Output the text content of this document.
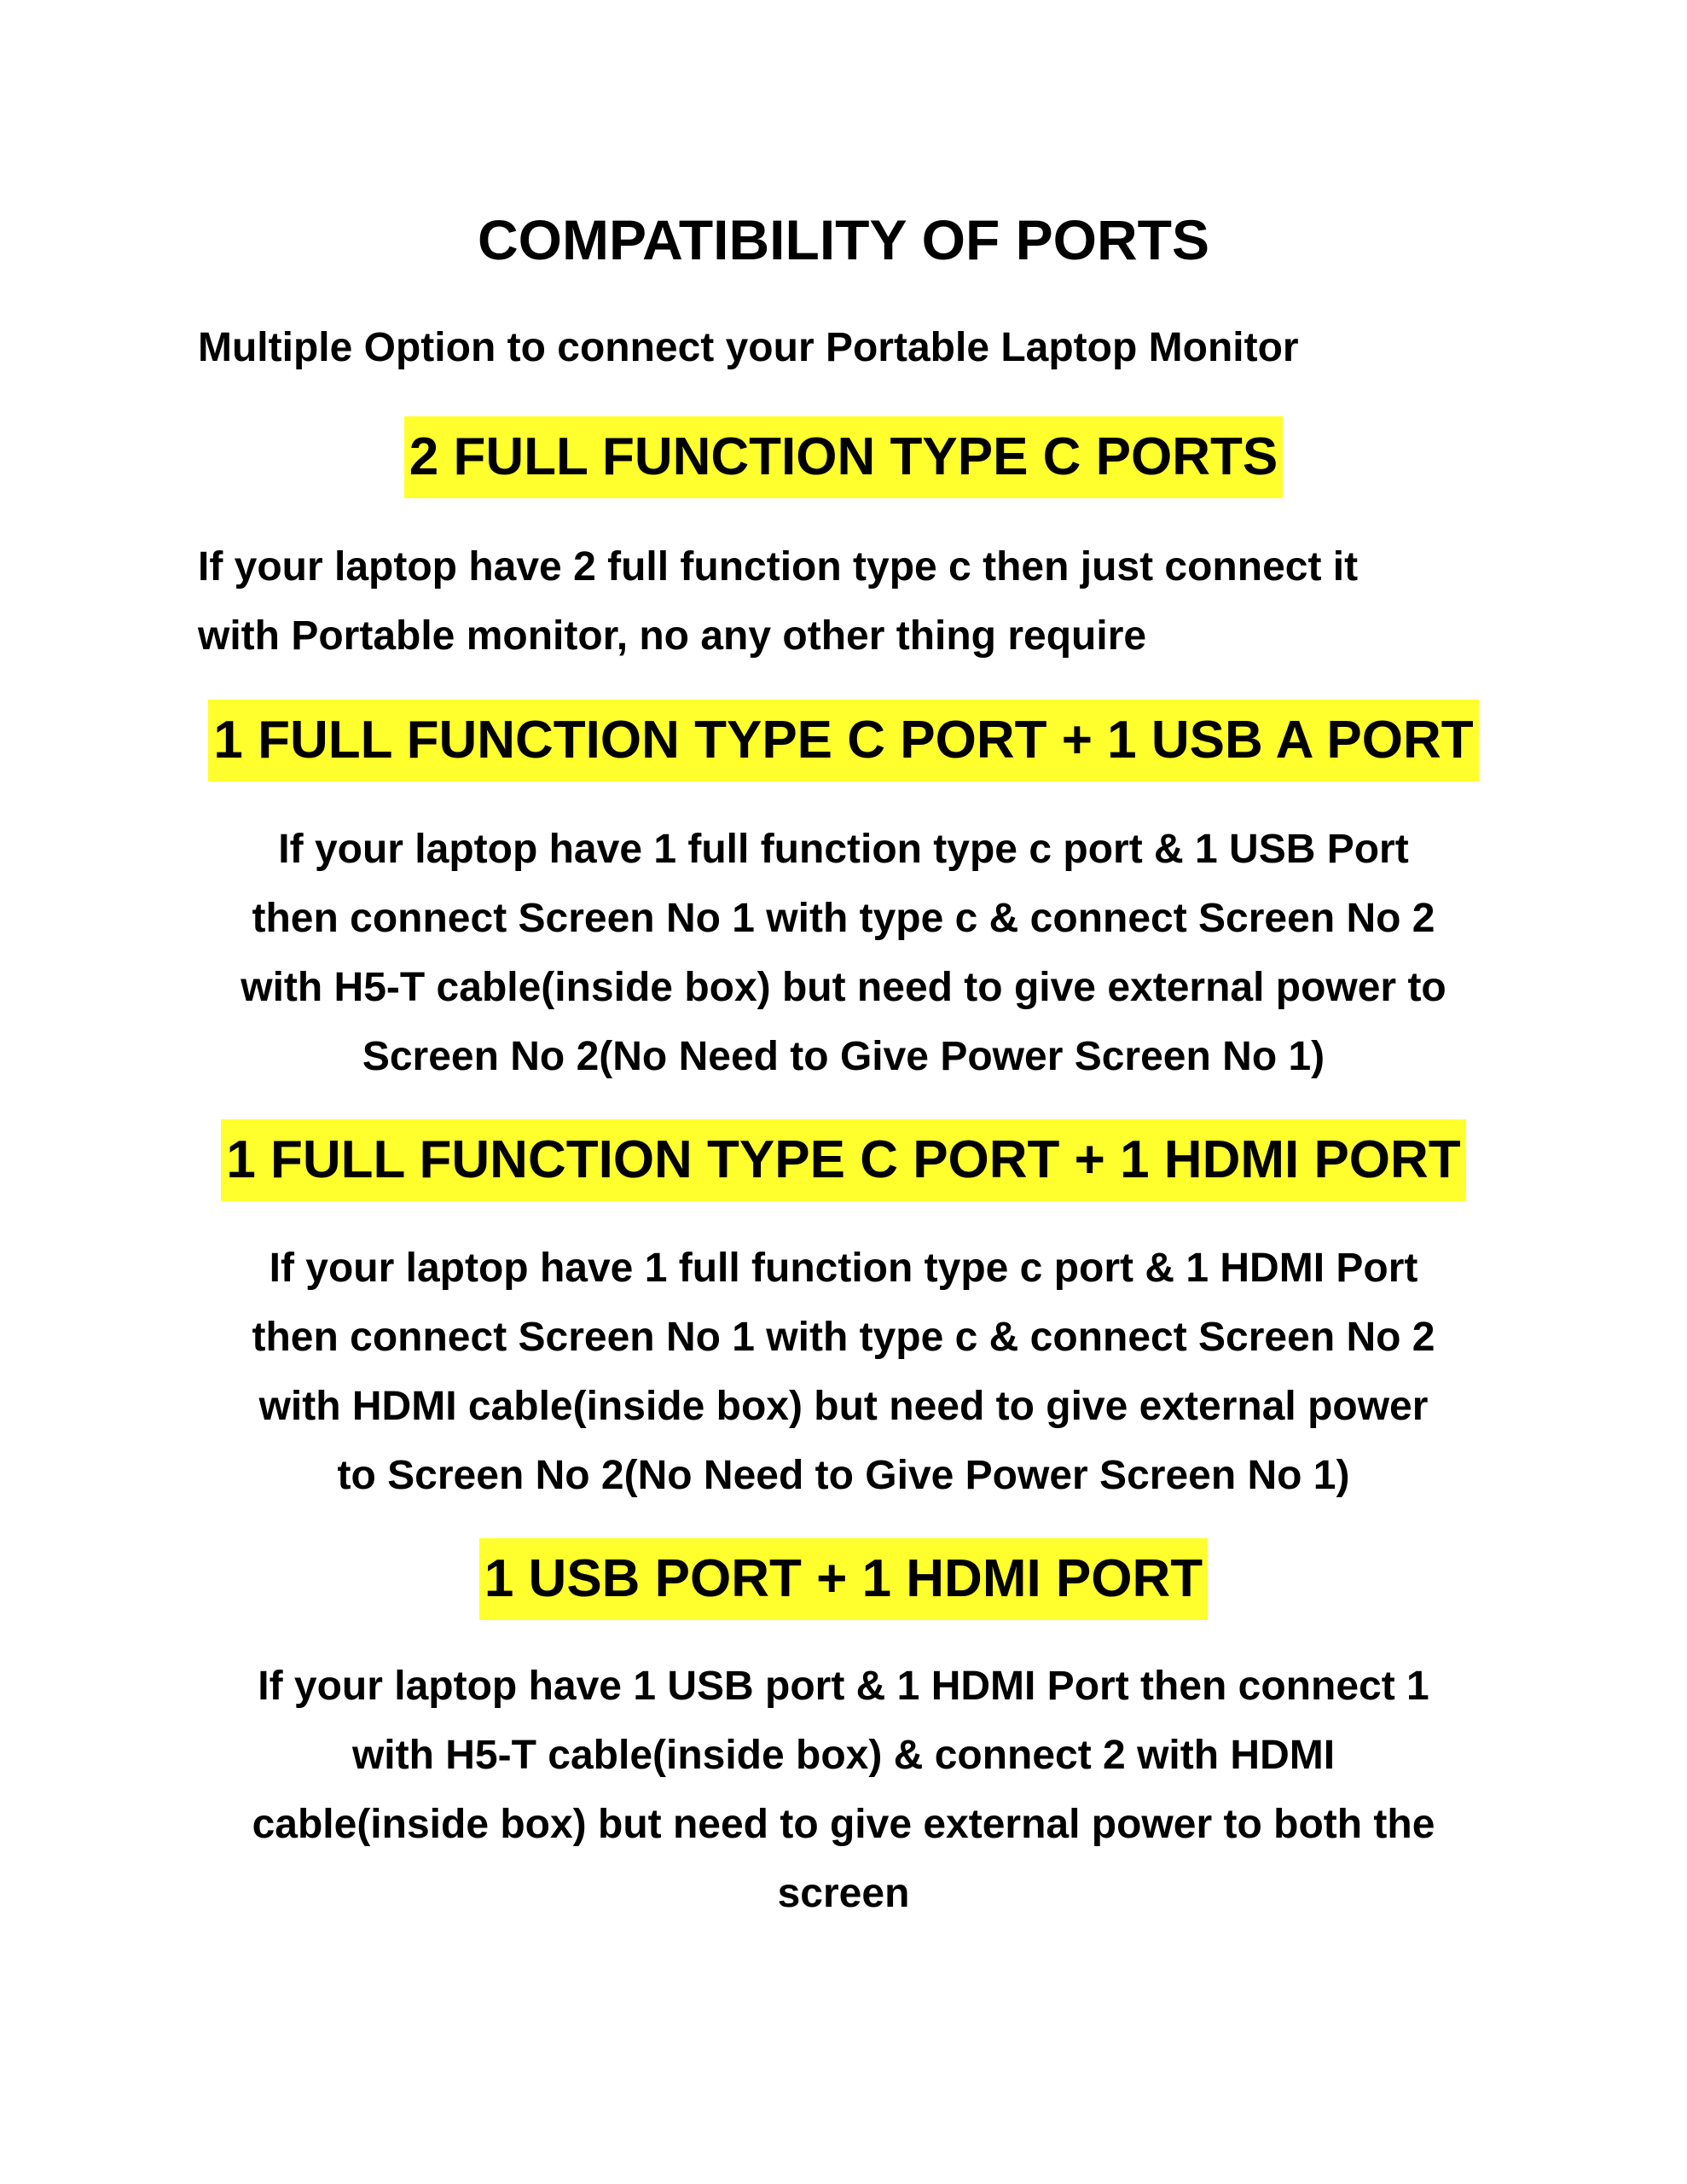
COMPATIBILITY OF PORTS

Multiple Option to connect your Portable Laptop Monitor

2 FULL FUNCTION TYPE C PORTS
If your laptop have 2 full function type c then just connect it
with Portable monitor, no any other thing require
1 FULL FUNCTION TYPE C PORT + 1 USB A PORT
If your laptop have 1 full function type c port & 1 USB Port
then connect Screen No 1 with type c & connect Screen No 2
with H5-T cable(inside box) but need to give external power to
Screen No 2(No Need to Give Power Screen No 1)
1 FULL FUNCTION TYPE C PORT + 1 HDMI PORT
If your laptop have 1 full function type c port & 1 HDMI Port
then connect Screen No 1 with type c & connect Screen No 2
with HDMI cable(inside box) but need to give external power
to Screen No 2(No Need to Give Power Screen No 1)
1 USB PORT + 1 HDMI PORT
If your laptop have 1 USB port & 1 HDMI Port then connect 1
with H5-T cable(inside box) & connect 2 with HDMI
cable(inside box) but need to give external power to both the
screen
